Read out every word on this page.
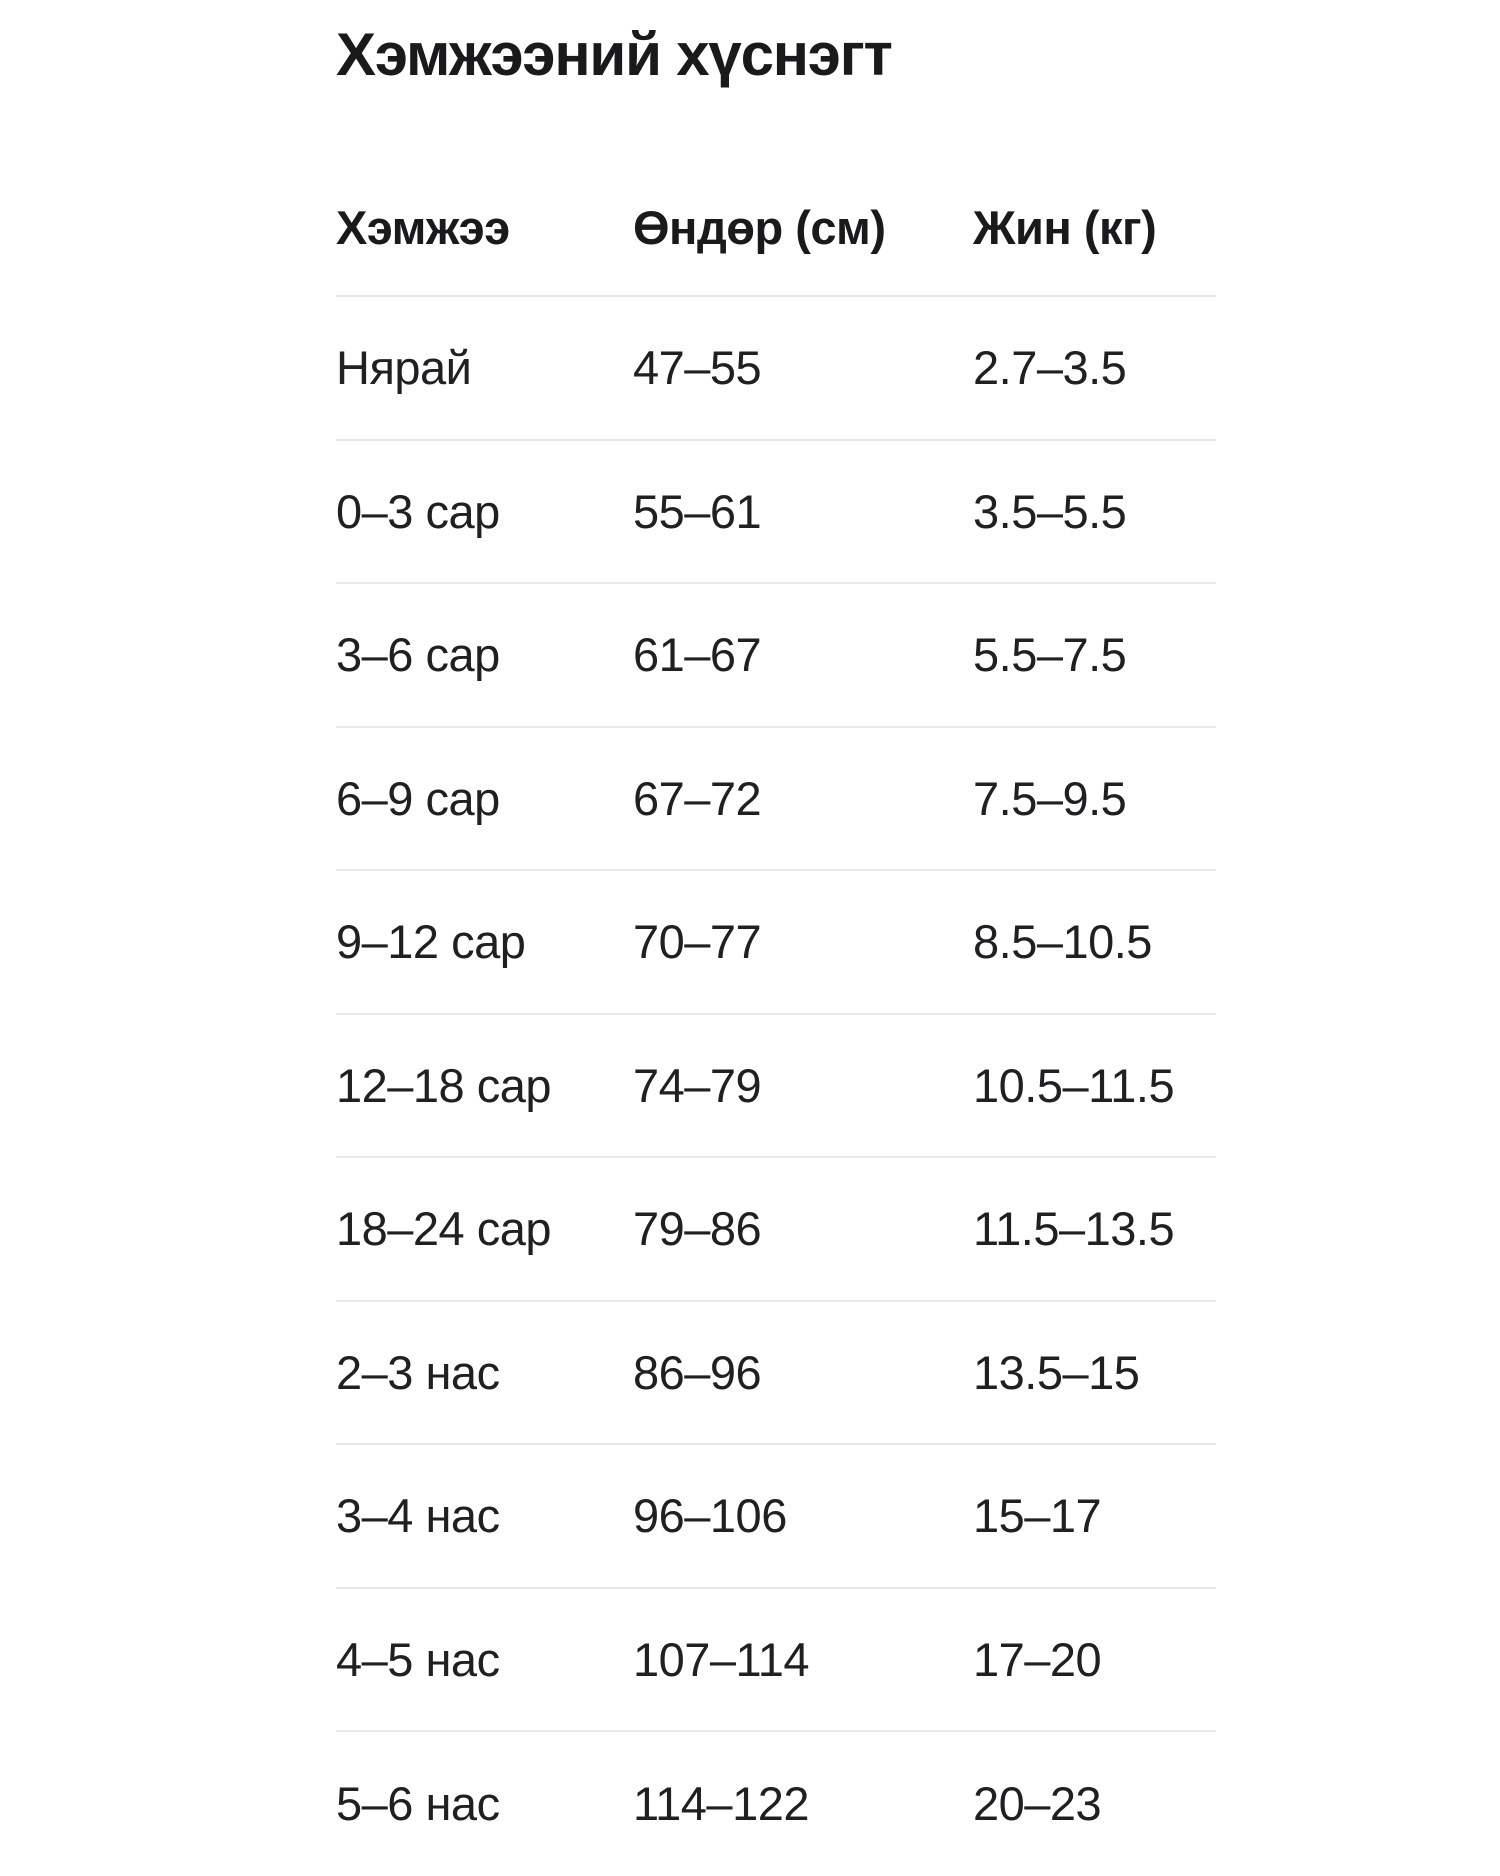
Хэмжээний хүснэгт
Хэмжээ	Өндөр (см)	Жин (кг)
Нярай	47–55	2.7–3.5
0–3 сар	55–61	3.5–5.5
3–6 сар	61–67	5.5–7.5
6–9 сар	67–72	7.5–9.5
9–12 сар	70–77	8.5–10.5
12–18 сар	74–79	10.5–11.5
18–24 сар	79–86	11.5–13.5
2–3 нас	86–96	13.5–15
3–4 нас	96–106	15–17
4–5 нас	107–114	17–20
5–6 нас	114–122	20–23
